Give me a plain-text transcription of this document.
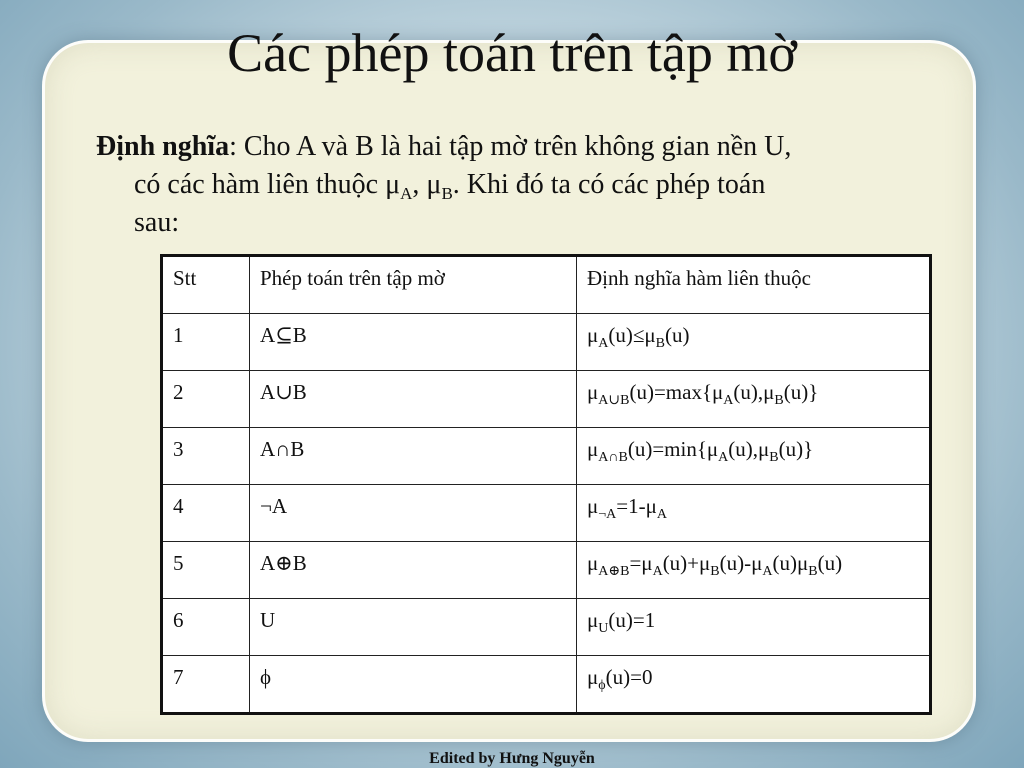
Các phép toán trên tập mờ
Định nghĩa: Cho A và B là hai tập mờ trên không gian nền U,
có các hàm liên thuộc $\mu_A$, $\mu_B$. Khi đó ta có các phép toán
sau:
Stt	Phép toán trên tập mờ	Định nghĩa hàm liên thuộc
1	A⊆B	$\mu_A(u)\le\mu_B(u)$
2	A∪B	$\mu_{A\cup B}(u)=\max\{\mu_A(u),\mu_B(u)\}$
3	A∩B	$\mu_{A\cap B}(u)=\min\{\mu_A(u),\mu_B(u)\}$
4	¬A	$\mu_{\neg A}=1-\mu_A$
5	A⊕B	$\mu_{A\oplus B}=\mu_A(u)+\mu_B(u)-\mu_A(u)\mu_B(u)$
6	U	$\mu_U(u)=1$
7	ϕ	$\mu_\phi(u)=0$
Edited by Hưng Nguyễn
